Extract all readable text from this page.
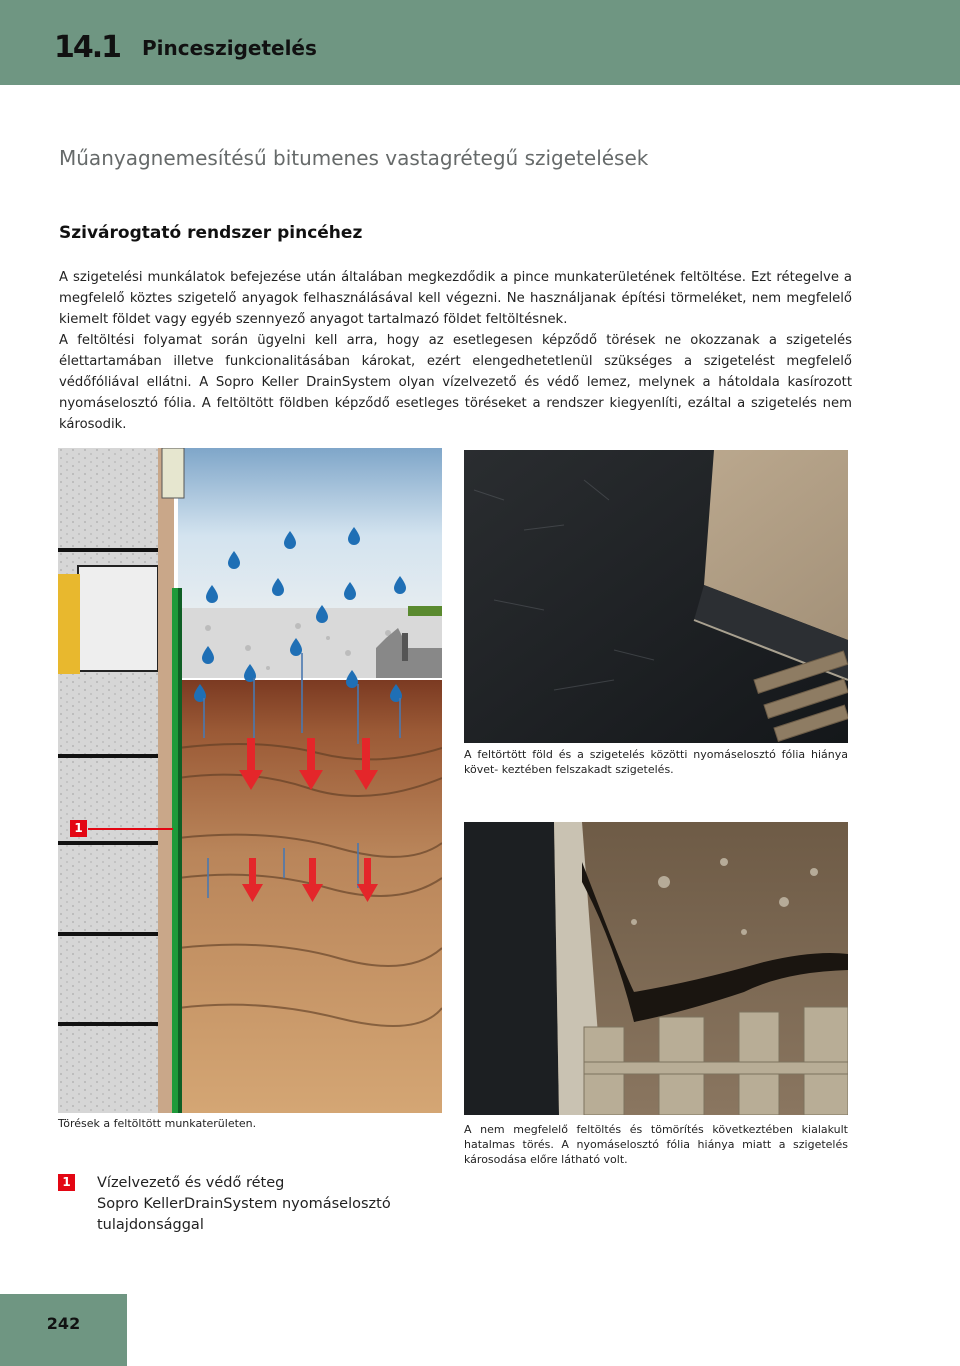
14.1 Pinceszigetelés
Műanyagnemesítésű bitumenes vastagrétegű szigetelések
Szivárogtató rendszer pincéhez

A szigetelési munkálatok befejezése után általában megkezdődik a pince munkaterületének feltöltése. Ezt rétegelve a megfelelő köztes szigetelő anyagok felhasználásával kell végezni. Ne használjanak építési törmeléket, nem megfelelő kiemelt földet vagy egyéb szennyező anyagot tartalmazó földet feltöltésnek.

A feltöltési folyamat során ügyelni kell arra, hogy az esetlegesen képződő törések ne okozzanak a szigetelés élettartamában illetve funkcionalitásában károkat, ezért elengedhetetlenül szükséges a szigetelést megfelelő védőfóliával ellátni. A Sopro Keller DrainSystem olyan vízelvezető és védő lemez, melynek a hátoldala kasírozott nyomáselosztó fólia. A feltöltött földben képződő esetleges töréseket a rendszer kiegyenlíti, ezáltal a szigetelés nem károsodik.

1

Törések a feltöltött munkaterületen.

A feltörtött föld és a szigetelés közötti nyomáselosztó fólia hiánya követ- keztében felszakadt szigetelés.

A nem megfelelő feltöltés és tömörítés következtében kialakult hatalmas törés. A nyomáselosztó fólia hiánya miatt a szigetelés károsodása előre látható volt.

1 Vízelvezető és védő réteg
Sopro KellerDrainSystem nyomáselosztó
tulajdonsággal
242
